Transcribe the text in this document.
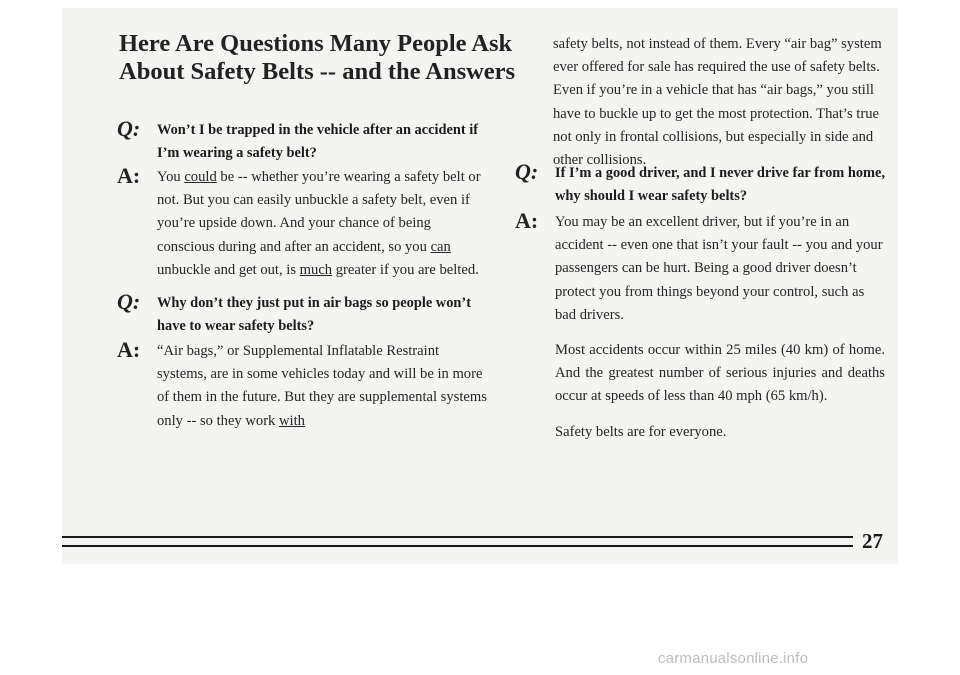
Here Are Questions Many People Ask About Safety Belts -- and the Answers
Q: Won’t I be trapped in the vehicle after an accident if I’m wearing a safety belt?
A: You could be -- whether you’re wearing a safety belt or not. But you can easily unbuckle a safety belt, even if you’re upside down. And your chance of being conscious during and after an accident, so you can unbuckle and get out, is much greater if you are belted.
Q: Why don’t they just put in air bags so people won’t have to wear safety belts?
A: “Air bags,” or Supplemental Inflatable Restraint systems, are in some vehicles today and will be in more of them in the future. But they are supplemental systems only -- so they work with
safety belts, not instead of them. Every “air bag” system ever offered for sale has required the use of safety belts. Even if you’re in a vehicle that has “air bags,” you still have to buckle up to get the most protection. That’s true not only in frontal collisions, but especially in side and other collisions.
Q: If I’m a good driver, and I never drive far from home, why should I wear safety belts?
A: You may be an excellent driver, but if you’re in an accident -- even one that isn’t your fault -- you and your passengers can be hurt. Being a good driver doesn’t protect you from things beyond your control, such as bad drivers.

Most accidents occur within 25 miles (40 km) of home. And the greatest number of serious injuries and deaths occur at speeds of less than 40 mph (65 km/h).

Safety belts are for everyone.

27
carmanualsonline.info
